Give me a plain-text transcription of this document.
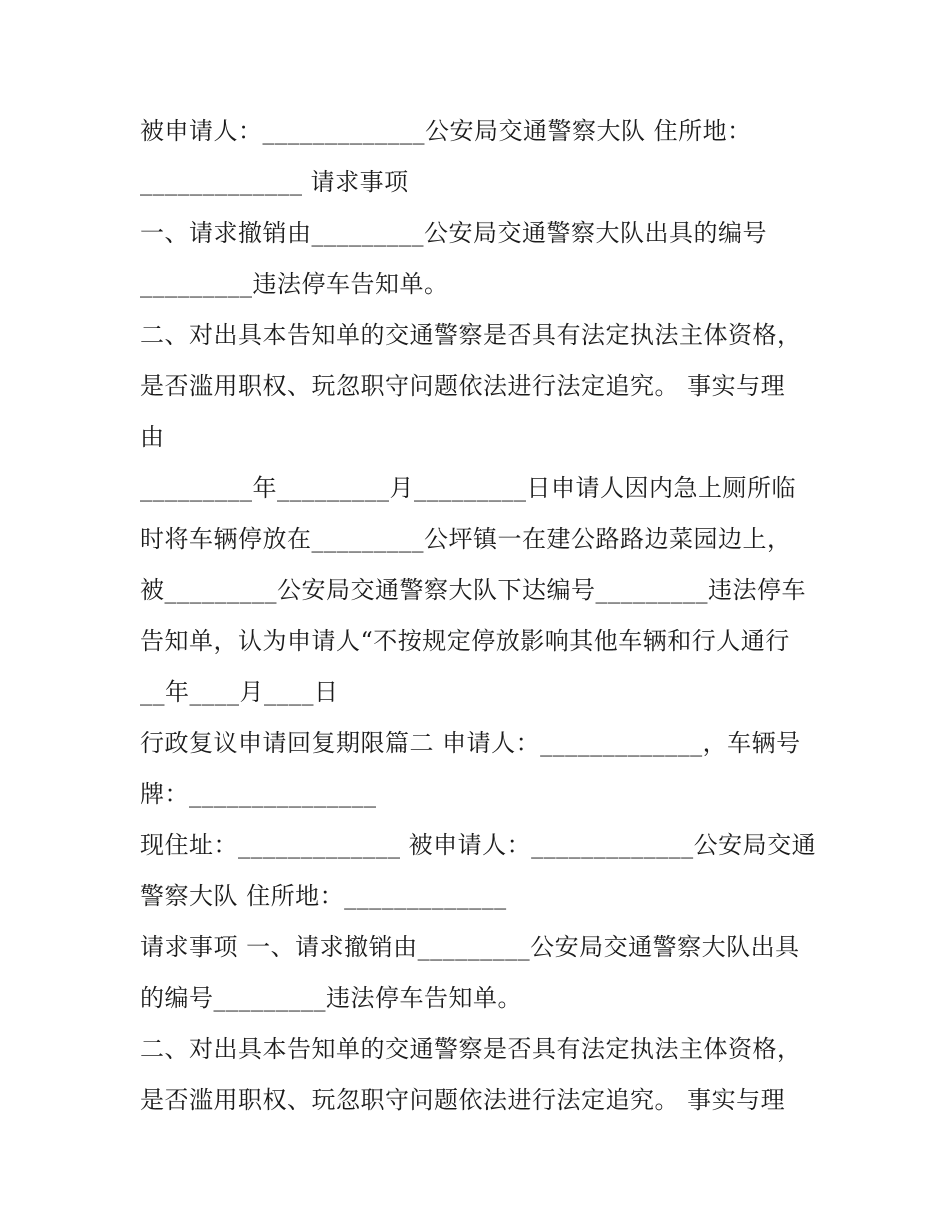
被申请人：_____________公安局交通警察大队 住所地：
_____________ 请求事项
一、请求撤销由_________公安局交通警察大队出具的编号
_________违法停车告知单。
二、对出具本告知单的交通警察是否具有法定执法主体资格，
是否滥用职权、玩忽职守问题依法进行法定追究。 事实与理
由
_________年_________月_________日申请人因内急上厕所临
时将车辆停放在_________公坪镇一在建公路路边菜园边上，
被_________公安局交通警察大队下达编号_________违法停车
告知单，认为申请人“不按规定停放影响其他车辆和行人通行
__年____月____日
行政复议申请回复期限篇二 申请人：_____________，车辆号
牌：_______________
现住址：_____________ 被申请人：_____________公安局交通
警察大队 住所地：_____________
请求事项 一、请求撤销由_________公安局交通警察大队出具
的编号_________违法停车告知单。
二、对出具本告知单的交通警察是否具有法定执法主体资格，
是否滥用职权、玩忽职守问题依法进行法定追究。 事实与理
